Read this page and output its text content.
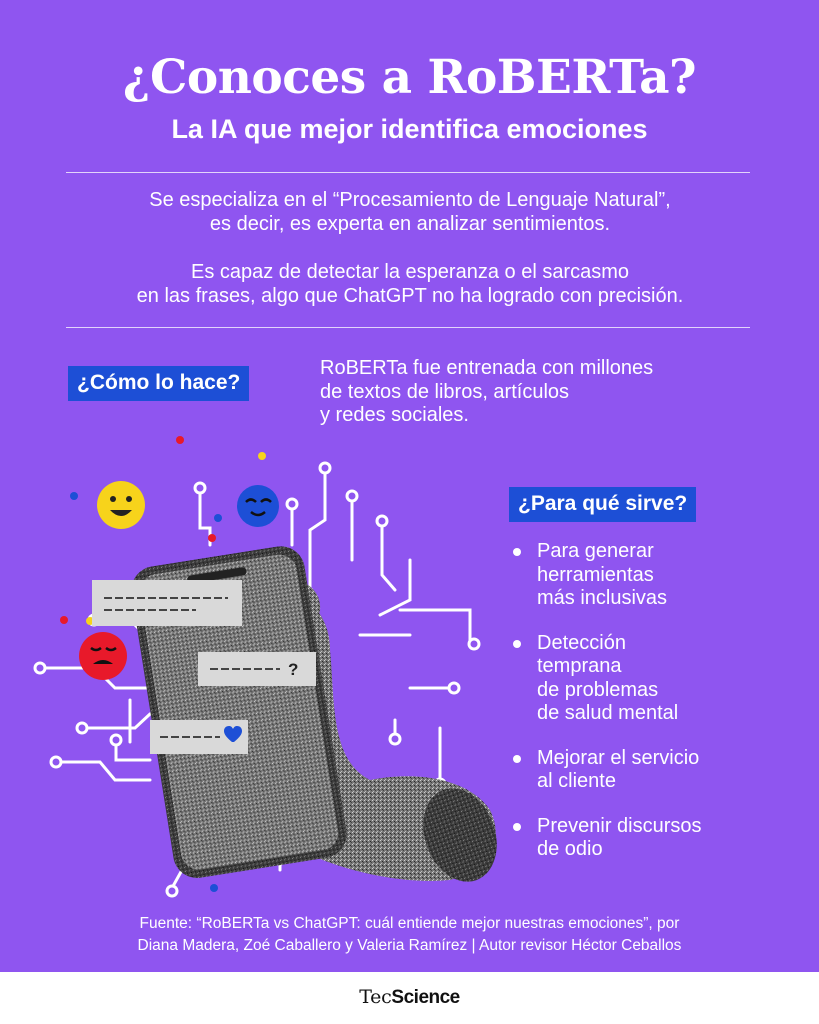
¿Conoces a RoBERTa?
La IA que mejor identifica emociones

Se especializa en el “Procesamiento de Lenguaje Natural”,
es decir, es experta en analizar sentimientos.

Es capaz de detectar la esperanza o el sarcasmo
en las frases, algo que ChatGPT no ha logrado con precisión.

¿Cómo lo hace?

RoBERTa fue entrenada con millones
de textos de libros, artículos
y redes sociales.

?
¿Para qué sirve?
Para generar
herramientas
más inclusivas
Detección
temprana
de problemas
de salud mental
Mejorar el servicio
al cliente
Prevenir discursos
de odio

Fuente: “RoBERTa vs ChatGPT: cuál entiende mejor nuestras emociones”, por
Diana Madera, Zoé Caballero y Valeria Ramírez | Autor revisor Héctor Ceballos

TecScience
